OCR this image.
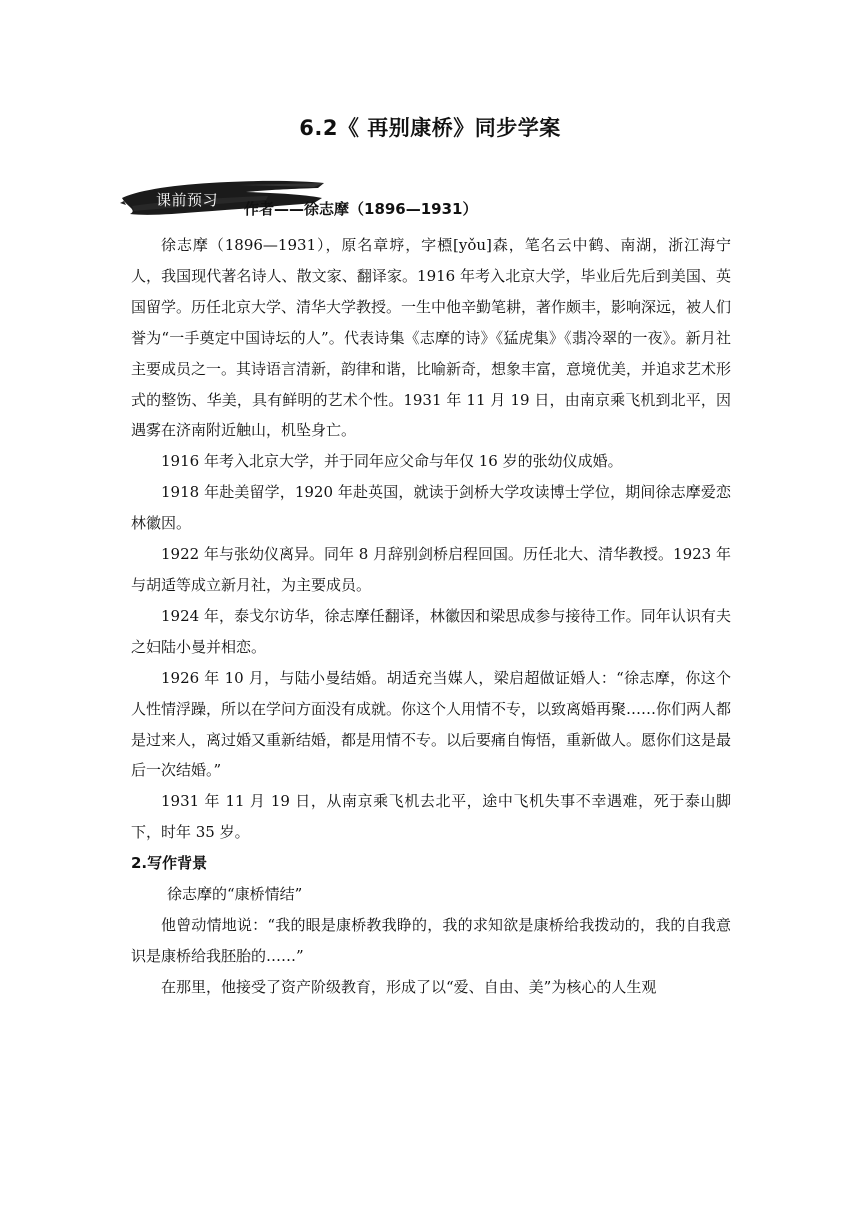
6.2《 再别康桥》同步学案
课前预习 作者——徐志摩（1896—1931）

徐志摩（1896—1931），原名章垿，字槱[yǒu]森，笔名云中鹤、南湖，浙江海宁人，我国现代著名诗人、散文家、翻译家。1916 年考入北京大学，毕业后先后到美国、英国留学。历任北京大学、清华大学教授。一生中他辛勤笔耕，著作颇丰，影响深远，被人们誉为“一手奠定中国诗坛的人”。代表诗集《志摩的诗》《猛虎集》《翡冷翠的一夜》。新月社主要成员之一。其诗语言清新，韵律和谐，比喻新奇，想象丰富，意境优美，并追求艺术形式的整饬、华美，具有鲜明的艺术个性。1931 年 11 月 19 日，由南京乘飞机到北平，因遇雾在济南附近触山，机坠身亡。

1916 年考入北京大学，并于同年应父命与年仅 16 岁的张幼仪成婚。

1918 年赴美留学，1920 年赴英国，就读于剑桥大学攻读博士学位，期间徐志摩爱恋林徽因。

1922 年与张幼仪离异。同年 8 月辞别剑桥启程回国。历任北大、清华教授。1923 年与胡适等成立新月社，为主要成员。

1924 年，泰戈尔访华，徐志摩任翻译，林徽因和梁思成参与接待工作。同年认识有夫之妇陆小曼并相恋。

1926 年 10 月，与陆小曼结婚。胡适充当媒人，梁启超做证婚人：“徐志摩，你这个人性情浮躁，所以在学问方面没有成就。你这个人用情不专，以致离婚再聚……你们两人都是过来人，离过婚又重新结婚，都是用情不专。以后要痛自悔悟，重新做人。愿你们这是最后一次结婚。”

1931 年 11 月 19 日，从南京乘飞机去北平，途中飞机失事不幸遇难，死于泰山脚下，时年 35 岁。

2.写作背景

徐志摩的“康桥情结”

他曾动情地说：“我的眼是康桥教我睁的，我的求知欲是康桥给我拨动的，我的自我意识是康桥给我胚胎的……”

在那里，他接受了资产阶级教育，形成了以“爱、自由、美”为核心的人生观
